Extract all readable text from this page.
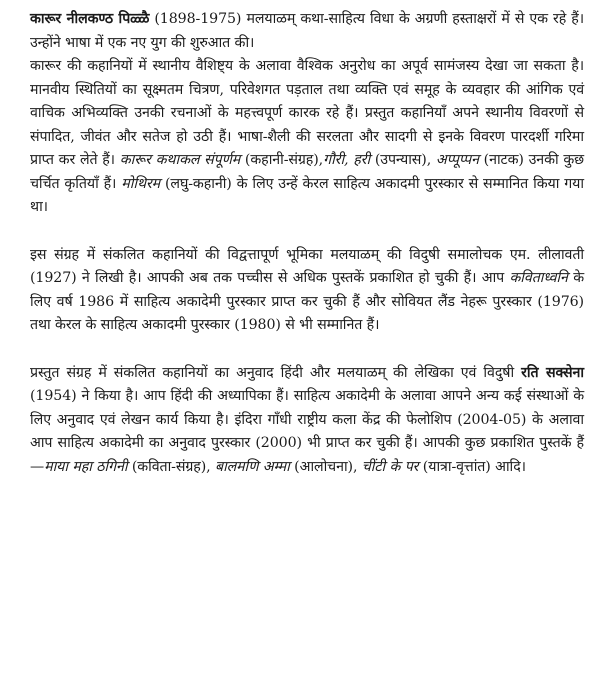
कारूर नीलकण्ठ पिळ्ळै (1898-1975) मलयाळम् कथा-साहित्य विधा के अग्रणी हस्ताक्षरों में से एक रहे हैं। उन्होंने भाषा में एक नए युग की शुरुआत की।

कारूर की कहानियों में स्थानीय वैशिष्ट्य के अलावा वैश्विक अनुरोध का अपूर्व सामंजस्य देखा जा सकता है। मानवीय स्थितियों का सूक्ष्मतम चित्रण, परिवेशगत पड़ताल तथा व्यक्ति एवं समूह के व्यवहार की आंगिक एवं वाचिक अभिव्यक्ति उनकी रचनाओं के महत्त्वपूर्ण कारक रहे हैं। प्रस्तुत कहानियाँ अपने स्थानीय विवरणों से संपादित, जीवंत और सतेज हो उठी हैं। भाषा-शैली की सरलता और सादगी से इनके विवरण पारदर्शी गरिमा प्राप्त कर लेते हैं। कारूर कथाकल संपूर्णम (कहानी-संग्रह),गौरी, हरी (उपन्यास), अप्पूप्पन (नाटक) उनकी कुछ चर्चित कृतियाँ हैं। मोथिरम (लघु-कहानी) के लिए उन्हें केरल साहित्य अकादमी पुरस्कार से सम्मानित किया गया था।

इस संग्रह में संकलित कहानियों की विद्वत्तापूर्ण भूमिका मलयाळम् की विदुषी समालोचक एम. लीलावती (1927) ने लिखी है। आपकी अब तक पच्चीस से अधिक पुस्तकें प्रकाशित हो चुकी हैं। आप कविताध्वनि के लिए वर्ष 1986 में साहित्य अकादेमी पुरस्कार प्राप्त कर चुकी हैं और सोवियत लैंड नेहरू पुरस्कार (1976) तथा केरल के साहित्य अकादमी पुरस्कार (1980) से भी सम्मानित हैं।

प्रस्तुत संग्रह में संकलित कहानियों का अनुवाद हिंदी और मलयाळम् की लेखिका एवं विदुषी रति सक्सेना (1954) ने किया है। आप हिंदी की अध्यापिका हैं। साहित्य अकादेमी के अलावा आपने अन्य कई संस्थाओं के लिए अनुवाद एवं लेखन कार्य किया है। इंदिरा गाँधी राष्ट्रीय कला केंद्र की फेलोशिप (2004-05) के अलावा आप साहित्य अकादेमी का अनुवाद पुरस्कार (2000) भी प्राप्त कर चुकी हैं। आपकी कुछ प्रकाशित पुस्तकें हैं—माया महा ठगिनी (कविता-संग्रह), बालमणि अम्मा (आलोचना), चींटी के पर (यात्रा-वृत्तांत) आदि।
